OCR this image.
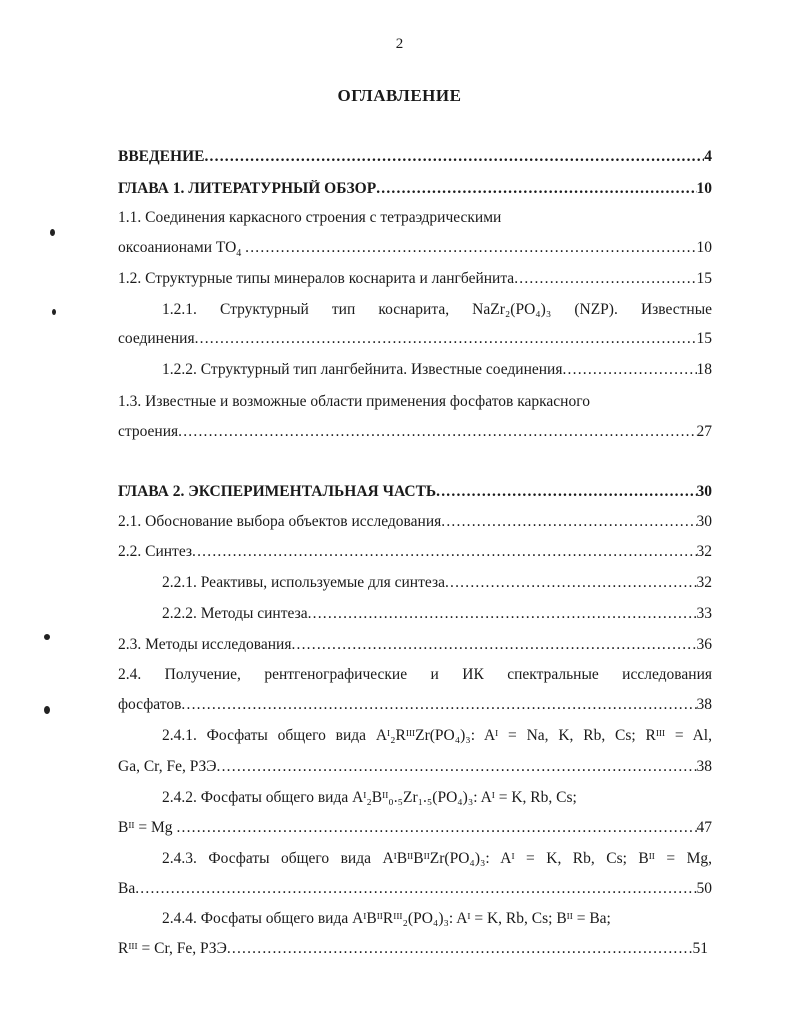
2
ОГЛАВЛЕНИЕ
ВВЕДЕНИЕ .....	4
ГЛАВА 1. ЛИТЕРАТУРНЫЙ ОБЗОР .....	10
1.1. Соединения каркасного строения с тетраэдрическими
оксоанионами $TO_4$ .....	10
1.2. Структурные типы минералов коснарита и лангбейнита .....	15
1.2.1. Структурный тип коснарита, NaZr₂(PO₄)₃ (NZP). Известные
соединения .....	15
1.2.2. Структурный тип лангбейнита. Известные соединения .....	18
1.3. Известные и возможные области применения фосфатов каркасного
строения .....	27
ГЛАВА 2. ЭКСПЕРИМЕНТАЛЬНАЯ ЧАСТЬ .....	30
2.1. Обоснование выбора объектов исследования .....	30
2.2. Синтез .....	32
2.2.1. Реактивы, используемые для синтеза .....	32
2.2.2. Методы синтеза .....	33
2.3. Методы исследования .....	36
2.4. Получение, рентгенографические и ИК спектральные исследования
фосфатов .....	38
2.4.1. Фосфаты общего вида Aᴵ₂RᴵᴵᴵZr(PO₄)₃: Aᴵ = Na, K, Rb, Cs; Rᴵᴵᴵ = Al,
Ga, Cr, Fe, РЗЭ .....	38
2.4.2. Фосфаты общего вида Aᴵ₂Bᴵᴵ₀.₅Zr₁.₅(PO₄)₃: Aᴵ = K, Rb, Cs;
Bᴵᴵ = Mg
.....	47
2.4.3. Фосфаты общего вида AᴵBᴵᴵBᴵᴵZr(PO₄)₃: Aᴵ = K, Rb, Cs; Bᴵᴵ = Mg,
Ba .....	50
2.4.4. Фосфаты общего вида AᴵBᴵᴵRᴵᴵᴵ₂(PO₄)₃: Aᴵ = K, Rb, Cs; Bᴵᴵ = Ba;
Rᴵᴵᴵ = Cr, Fe, РЗЭ .....	51
